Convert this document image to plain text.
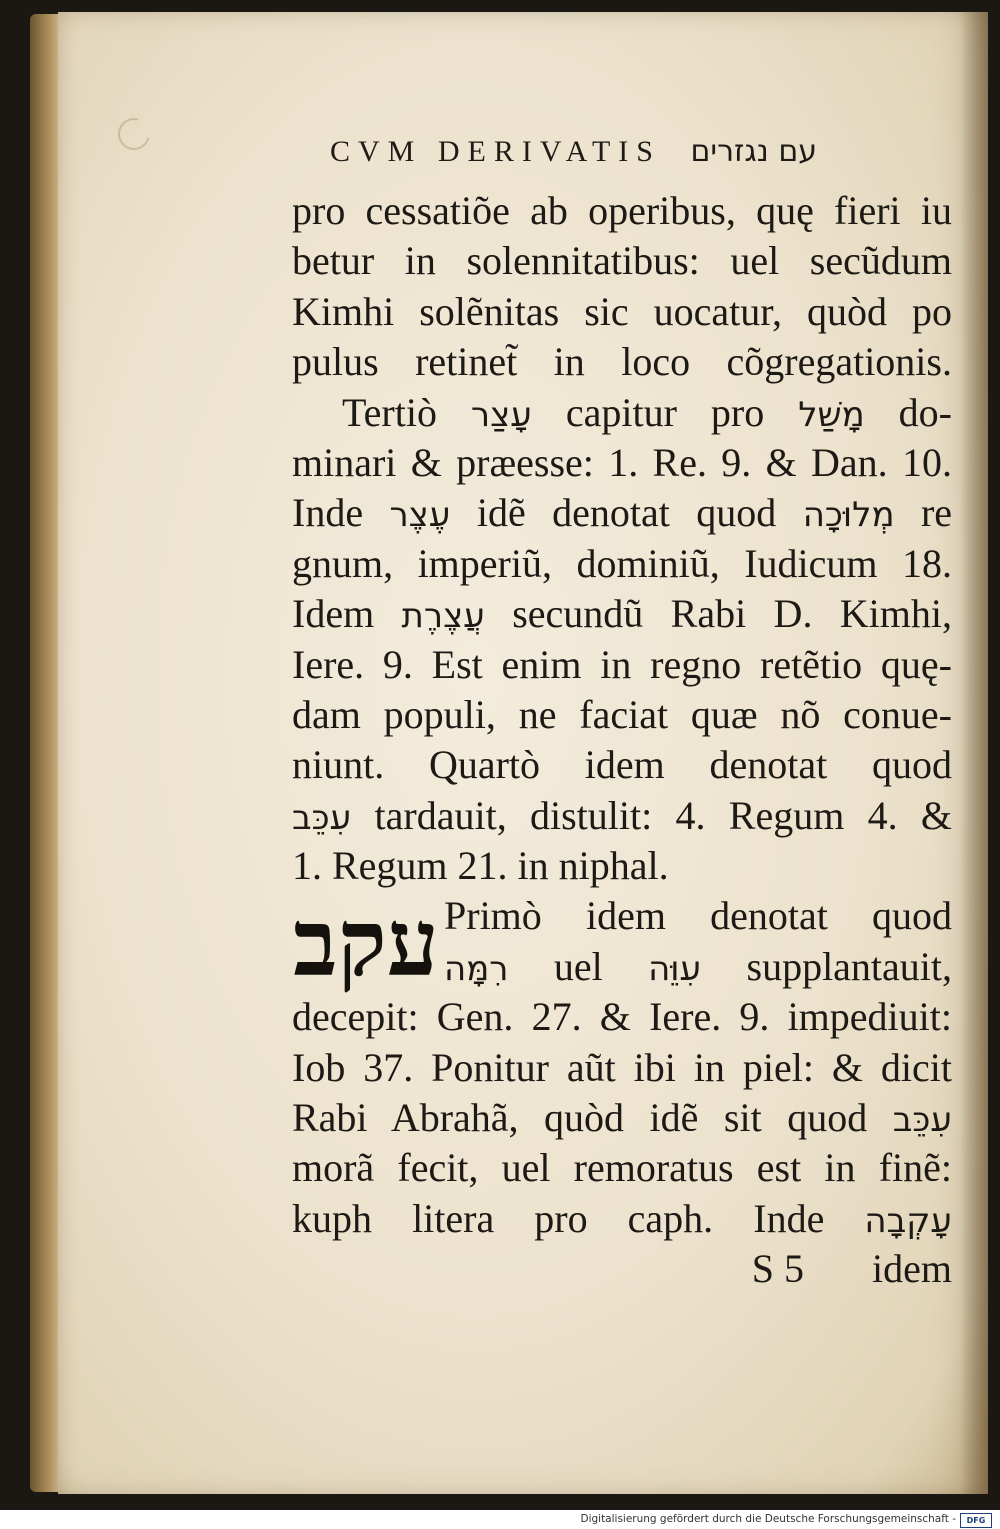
CVM DERIVATIS עם נגזרים
pro cessatiõe ab operibus, quę fieri iu
betur in solennitatibus: uel secũdum
Kimhi solẽnitas sic uocatur, quòd po
pulus retinet̃ in loco cõgregationis.
Tertiò עָצַר capitur pro מָשַׁל do-
minari & præesse: 1. Re. 9. & Dan. 10.
Inde עֶצֶר idẽ denotat quod מְלוּכָה re
gnum, imperiũ, dominiũ, Iudicum 18.
Idem עֲצֶרֶת secundũ Rabi D. Kimhi,
Iere. 9. Est enim in regno retẽtio quę-
dam populi, ne faciat quæ nõ conue-
niunt. Quartò idem denotat quod
עִכֵּב tardauit, distulit: 4. Regum 4. &
1. Regum 21. in niphal.
עקב Primò idem denotat quod
רִמָּה uel עִוֵּה supplantauit,
decepit: Gen. 27. & Iere. 9. impediuit:
Iob 37. Ponitur aũt ibi in piel: & dicit
Rabi Abrahã, quòd idẽ sit quod עִכֵּב
morã fecit, uel remoratus est in finẽ:
kuph litera pro caph. Inde עָקְבָה
S 5 idem
Digitalisierung gefördert durch die Deutsche Forschungsgemeinschaft -	DFG
